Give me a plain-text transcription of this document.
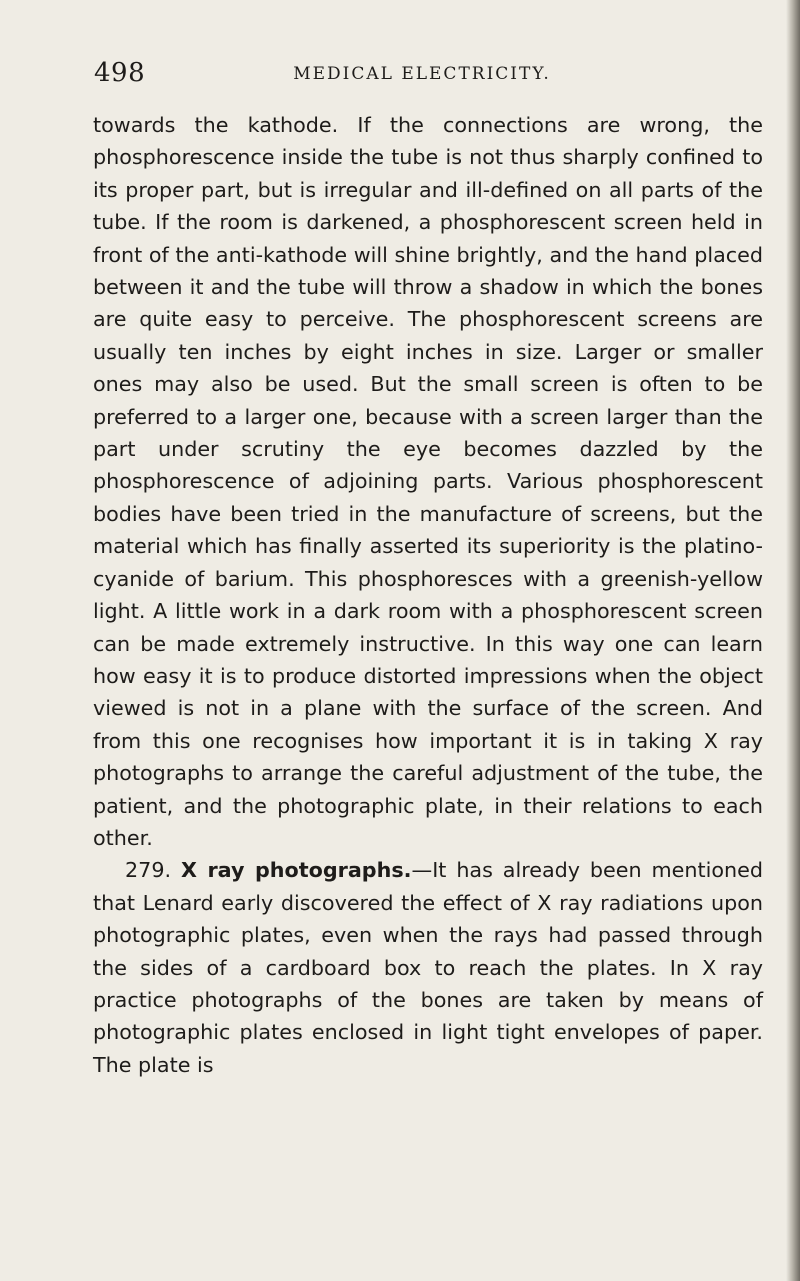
498	MEDICAL ELECTRICITY.

towards the kathode. If the connections are wrong, the phosphorescence inside the tube is not thus sharply confined to its proper part, but is irregular and ill-defined on all parts of the tube. If the room is darkened, a phosphorescent screen held in front of the anti-kathode will shine brightly, and the hand placed between it and the tube will throw a shadow in which the bones are quite easy to perceive. The phosphorescent screens are usually ten inches by eight inches in size. Larger or smaller ones may also be used. But the small screen is often to be preferred to a larger one, because with a screen larger than the part under scrutiny the eye becomes dazzled by the phosphorescence of adjoining parts. Various phosphorescent bodies have been tried in the manufacture of screens, but the material which has finally asserted its superiority is the platino-cyanide of barium. This phosphoresces with a greenish-yellow light. A little work in a dark room with a phosphorescent screen can be made extremely instructive. In this way one can learn how easy it is to produce distorted impressions when the object viewed is not in a plane with the surface of the screen. And from this one recognises how important it is in taking X ray photographs to arrange the careful adjustment of the tube, the patient, and the photographic plate, in their relations to each other.

279. X ray photographs.—It has already been mentioned that Lenard early discovered the effect of X ray radiations upon photographic plates, even when the rays had passed through the sides of a cardboard box to reach the plates. In X ray practice photographs of the bones are taken by means of photographic plates enclosed in light tight envelopes of paper. The plate is
